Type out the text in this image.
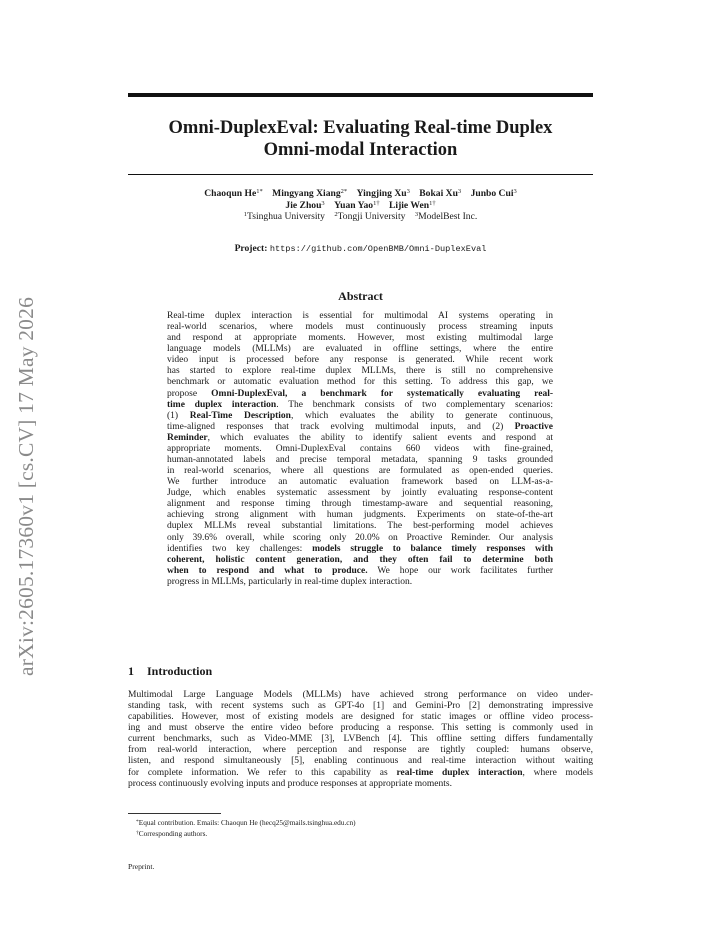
arXiv:2605.17360v1 [cs.CV] 17 May 2026
Omni-DuplexEval: Evaluating Real-time Duplex
Omni-modal Interaction
Chaoqun $He^{1*}$ Mingyang Xiang$^{2*}$ Yingjing Xu$^3$ Bokai Xu$^3$ Junbo Cui$^3$
Jie Zhou$^3$ Yuan Yao$^{1\dagger}$ Lijie Wen$^{1\dagger}$
$^1$Tsinghua University $^2$Tongji University $^3$ModelBest Inc.
Project: https://github.com/OpenBMB/Omni-DuplexEval
Abstract
Real-time duplex interaction is essential for multimodal AI systems operating in
real-world scenarios, where models must continuously process streaming inputs
and respond at appropriate moments. However, most existing multimodal large
language models (MLLMs) are evaluated in offline settings, where the entire
video input is processed before any response is generated. While recent work
has started to explore real-time duplex MLLMs, there is still no comprehensive
benchmark or automatic evaluation method for this setting. To address this gap, we
propose Omni-DuplexEval, a benchmark for systematically evaluating real-
time duplex interaction. The benchmark consists of two complementary scenarios:
(1) Real-Time Description, which evaluates the ability to generate continuous,
time-aligned responses that track evolving multimodal inputs, and (2) Proactive
Reminder, which evaluates the ability to identify salient events and respond at
appropriate moments. Omni-DuplexEval contains 660 videos with fine-grained,
human-annotated labels and precise temporal metadata, spanning 9 tasks grounded
in real-world scenarios, where all questions are formulated as open-ended queries.
We further introduce an automatic evaluation framework based on LLM-as-a-
Judge, which enables systematic assessment by jointly evaluating response-content
alignment and response timing through timestamp-aware and sequential reasoning,
achieving strong alignment with human judgments. Experiments on state-of-the-art
duplex MLLMs reveal substantial limitations. The best-performing model achieves
only 39.6% overall, while scoring only 20.0% on Proactive Reminder. Our analysis
identifies two key challenges: models struggle to balance timely responses with
coherent, holistic content generation, and they often fail to determine both
when to respond and what to produce. We hope our work facilitates further
progress in MLLMs, particularly in real-time duplex interaction.
1 Introduction
Multimodal Large Language Models (MLLMs) have achieved strong performance on video under-
standing task, with recent systems such as GPT-4o [1] and Gemini-Pro [2] demonstrating impressive
capabilities. However, most of existing models are designed for static images or offline video process-
ing and must observe the entire video before producing a response. This setting is commonly used in
current benchmarks, such as Video-MME [3], LVBench [4]. This offline setting differs fundamentally
from real-world interaction, where perception and response are tightly coupled: humans observe,
listen, and respond simultaneously [5], enabling continuous and real-time interaction without waiting
for complete information. We refer to this capability as real-time duplex interaction, where models
process continuously evolving inputs and produce responses at appropriate moments.
*Equal contribution. Emails: Chaoqun He (hecq25@mails.tsinghua.edu.cn)
†Corresponding authors.
Preprint.
